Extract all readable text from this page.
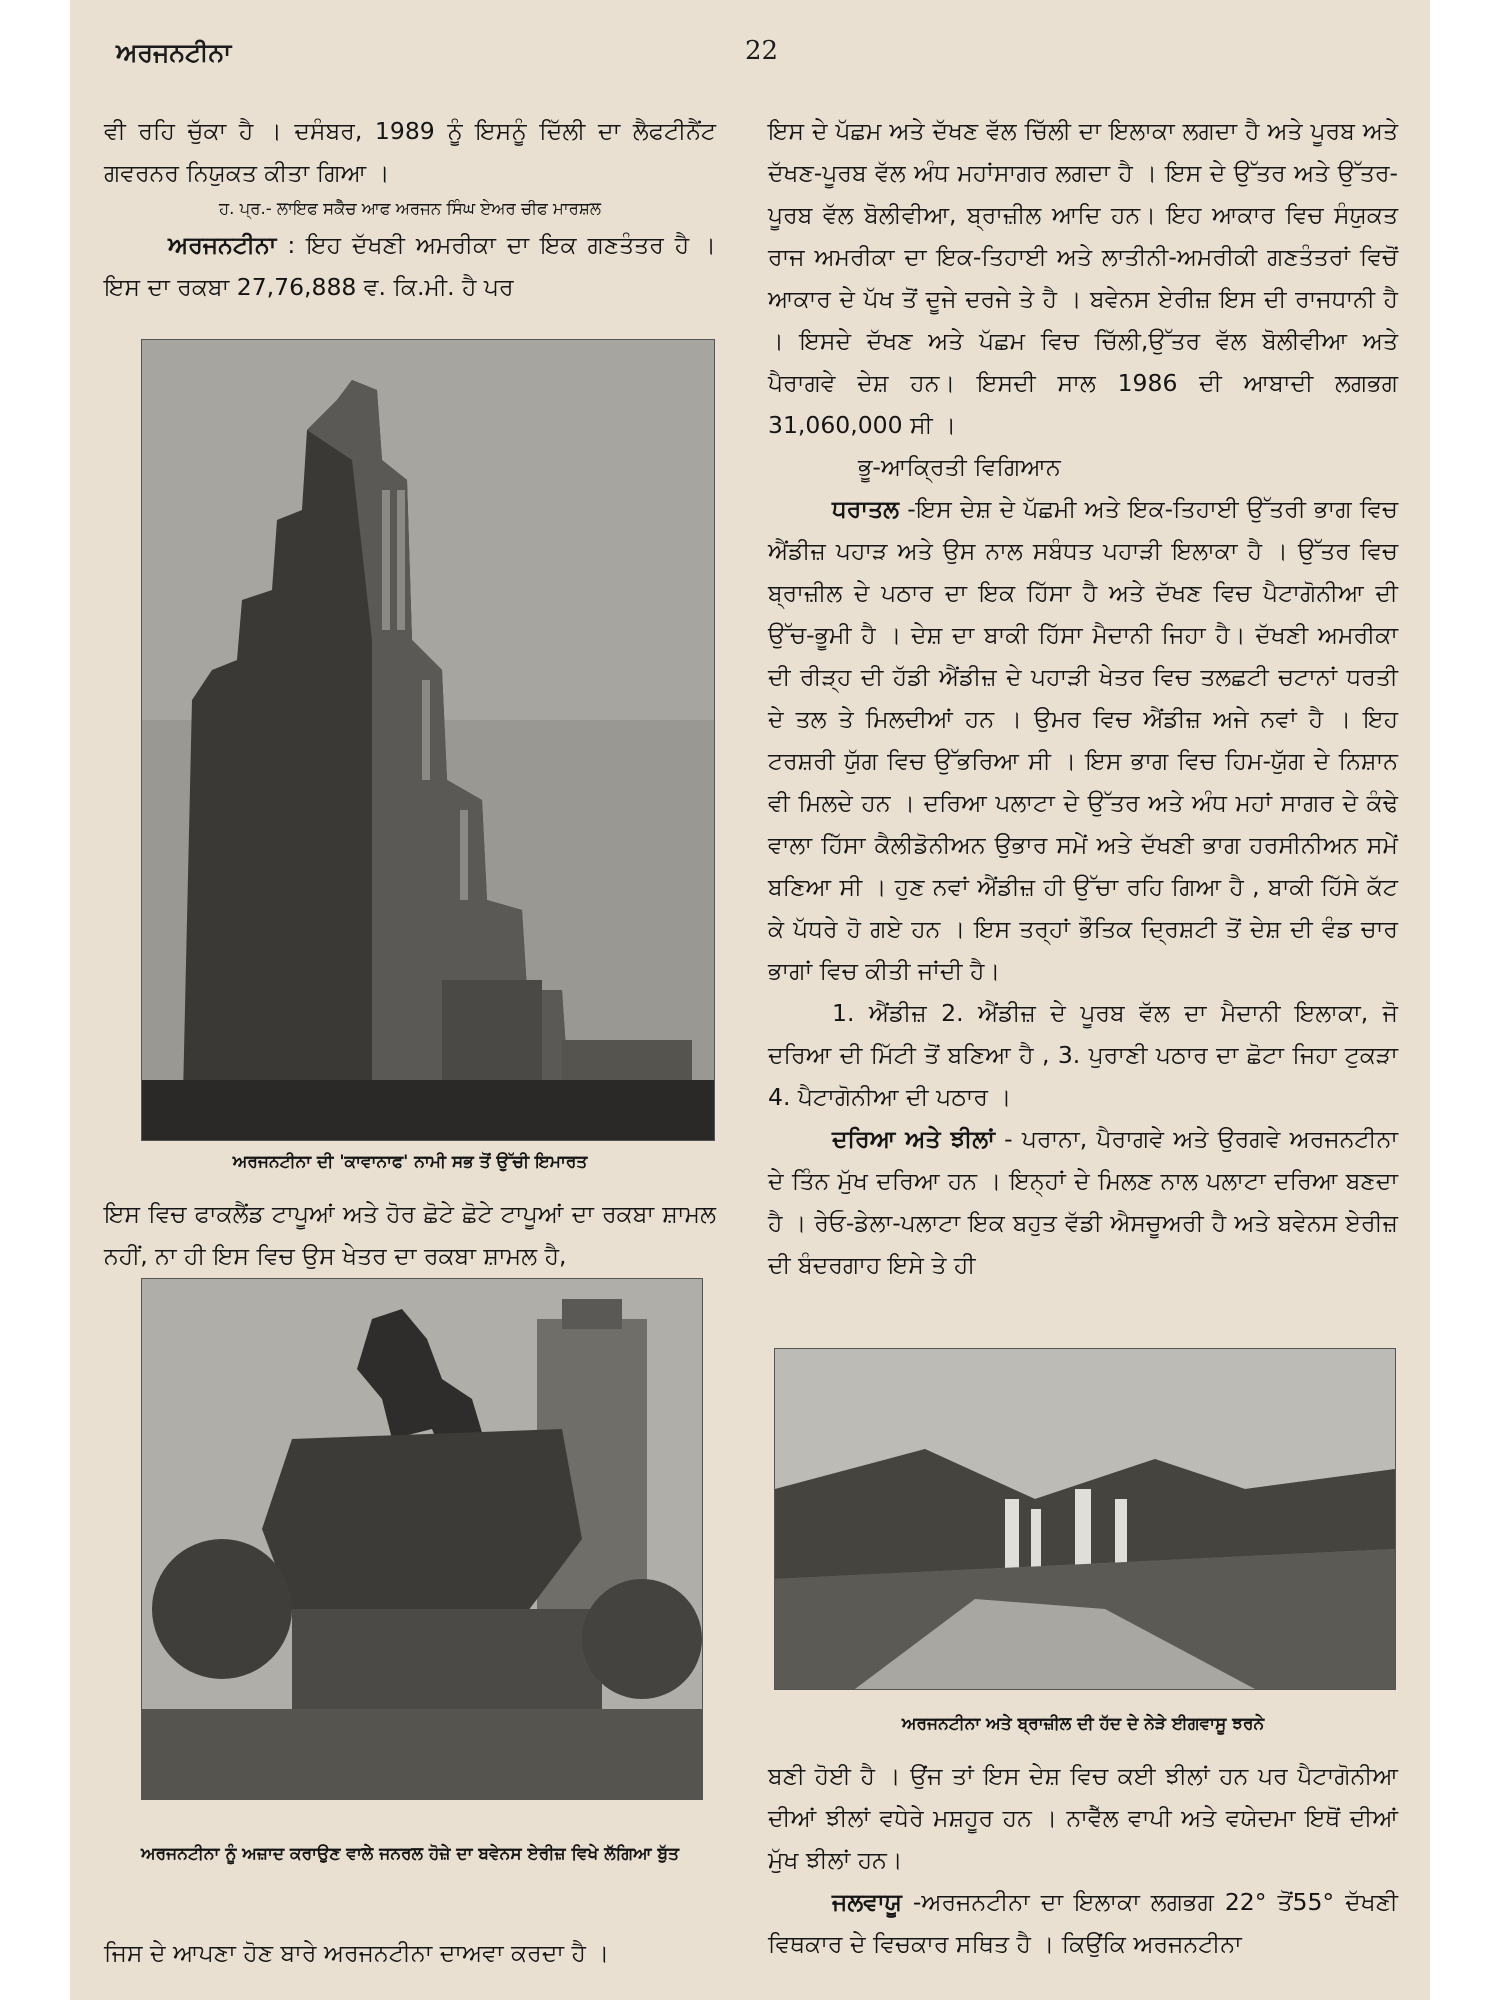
ਅਰਜਨਟੀਨਾ	22

ਵੀ ਰਹਿ ਚੁੱਕਾ ਹੈ । ਦਸੰਬਰ, 1989 ਨੂੰ ਇਸਨੂੰ ਦਿੱਲੀ ਦਾ ਲੈਫਟੀਨੈਂਟ ਗਵਰਨਰ ਨਿਯੁਕਤ ਕੀਤਾ ਗਿਆ ।

ਹ. ਪ੍ਰ.- ਲਾਇਫ ਸਕੈੱਚ ਆਫ ਅਰਜਨ ਸਿੰਘ ਏਅਰ ਚੀਫ ਮਾਰਸ਼ਲ

ਅਰਜਨਟੀਨਾ : ਇਹ ਦੱਖਣੀ ਅਮਰੀਕਾ ਦਾ ਇਕ ਗਣਤੰਤਰ ਹੈ । ਇਸ ਦਾ ਰਕਬਾ 27,76,888 ਵ. ਕਿ.ਮੀ. ਹੈ ਪਰ

ਅਰਜਨਟੀਨਾ ਦੀ 'ਕਾਵਾਨਾਫ' ਨਾਮੀ ਸਭ ਤੋਂ ਉੱਚੀ ਇਮਾਰਤ

ਇਸ ਵਿਚ ਫਾਕਲੈਂਡ ਟਾਪੂਆਂ ਅਤੇ ਹੋਰ ਛੋਟੇ ਛੋਟੇ ਟਾਪੂਆਂ ਦਾ ਰਕਬਾ ਸ਼ਾਮਲ ਨਹੀਂ, ਨਾ ਹੀ ਇਸ ਵਿਚ ਉਸ ਖੇਤਰ ਦਾ ਰਕਬਾ ਸ਼ਾਮਲ ਹੈ,

ਅਰਜਨਟੀਨਾ ਨੂੰ ਅਜ਼ਾਦ ਕਰਾਉਣ ਵਾਲੇ ਜਨਰਲ ਹੋਜ਼ੇ ਦਾ ਬਵੇਨਸ ਏਰੀਜ਼ ਵਿਖੇ ਲੱਗਿਆ ਬੁੱਤ

ਜਿਸ ਦੇ ਆਪਣਾ ਹੋਣ ਬਾਰੇ ਅਰਜਨਟੀਨਾ ਦਾਅਵਾ ਕਰਦਾ ਹੈ ।

ਇਸ ਦੇ ਪੱਛਮ ਅਤੇ ਦੱਖਣ ਵੱਲ ਚਿੱਲੀ ਦਾ ਇਲਾਕਾ ਲਗਦਾ ਹੈ ਅਤੇ ਪੂਰਬ ਅਤੇ ਦੱਖਣ-ਪੂਰਬ ਵੱਲ ਅੰਧ ਮਹਾਂਸਾਗਰ ਲਗਦਾ ਹੈ । ਇਸ ਦੇ ਉੱਤਰ ਅਤੇ ਉੱਤਰ-ਪੂਰਬ ਵੱਲ ਬੋਲੀਵੀਆ, ਬ੍ਰਾਜ਼ੀਲ ਆਦਿ ਹਨ। ਇਹ ਆਕਾਰ ਵਿਚ ਸੰਯੁਕਤ ਰਾਜ ਅਮਰੀਕਾ ਦਾ ਇਕ-ਤਿਹਾਈ ਅਤੇ ਲਾਤੀਨੀ-ਅਮਰੀਕੀ ਗਣਤੰਤਰਾਂ ਵਿਚੋਂ ਆਕਾਰ ਦੇ ਪੱਖ ਤੋਂ ਦੂਜੇ ਦਰਜੇ ਤੇ ਹੈ । ਬਵੇਨਸ ਏਰੀਜ਼ ਇਸ ਦੀ ਰਾਜਧਾਨੀ ਹੈ । ਇਸਦੇ ਦੱਖਣ ਅਤੇ ਪੱਛਮ ਵਿਚ ਚਿੱਲੀ,ਉੱਤਰ ਵੱਲ ਬੋਲੀਵੀਆ ਅਤੇ ਪੈਰਾਗਵੇ ਦੇਸ਼ ਹਨ। ਇਸਦੀ ਸਾਲ 1986 ਦੀ ਆਬਾਦੀ ਲਗਭਗ 31,060,000 ਸੀ ।

ਭੂ-ਆਕ੍ਰਿਤੀ ਵਿਗਿਆਨ

ਧਰਾਤਲ -ਇਸ ਦੇਸ਼ ਦੇ ਪੱਛਮੀ ਅਤੇ ਇਕ-ਤਿਹਾਈ ਉੱਤਰੀ ਭਾਗ ਵਿਚ ਐਂਡੀਜ਼ ਪਹਾੜ ਅਤੇ ਉਸ ਨਾਲ ਸਬੰਧਤ ਪਹਾੜੀ ਇਲਾਕਾ ਹੈ । ਉੱਤਰ ਵਿਚ ਬ੍ਰਾਜ਼ੀਲ ਦੇ ਪਠਾਰ ਦਾ ਇਕ ਹਿੱਸਾ ਹੈ ਅਤੇ ਦੱਖਣ ਵਿਚ ਪੈਟਾਗੋਨੀਆ ਦੀ ਉੱਚ-ਭੂਮੀ ਹੈ । ਦੇਸ਼ ਦਾ ਬਾਕੀ ਹਿੱਸਾ ਮੈਦਾਨੀ ਜਿਹਾ ਹੈ। ਦੱਖਣੀ ਅਮਰੀਕਾ ਦੀ ਰੀੜ੍ਹ ਦੀ ਹੱਡੀ ਐਂਡੀਜ਼ ਦੇ ਪਹਾੜੀ ਖੇਤਰ ਵਿਚ ਤਲਛਟੀ ਚਟਾਨਾਂ ਧਰਤੀ ਦੇ ਤਲ ਤੇ ਮਿਲਦੀਆਂ ਹਨ । ਉਮਰ ਵਿਚ ਐਂਡੀਜ਼ ਅਜੇ ਨਵਾਂ ਹੈ । ਇਹ ਟਰਸ਼ਰੀ ਯੁੱਗ ਵਿਚ ਉੱਭਰਿਆ ਸੀ । ਇਸ ਭਾਗ ਵਿਚ ਹਿਮ-ਯੁੱਗ ਦੇ ਨਿਸ਼ਾਨ ਵੀ ਮਿਲਦੇ ਹਨ । ਦਰਿਆ ਪਲਾਟਾ ਦੇ ਉੱਤਰ ਅਤੇ ਅੰਧ ਮਹਾਂ ਸਾਗਰ ਦੇ ਕੰਢੇ ਵਾਲਾ ਹਿੱਸਾ ਕੈਲੀਡੋਨੀਅਨ ਉਭਾਰ ਸਮੇਂ ਅਤੇ ਦੱਖਣੀ ਭਾਗ ਹਰਸੀਨੀਅਨ ਸਮੇਂ ਬਣਿਆ ਸੀ । ਹੁਣ ਨਵਾਂ ਐਂਡੀਜ਼ ਹੀ ਉੱਚਾ ਰਹਿ ਗਿਆ ਹੈ , ਬਾਕੀ ਹਿੱਸੇ ਕੱਟ ਕੇ ਪੱਧਰੇ ਹੋ ਗਏ ਹਨ । ਇਸ ਤਰ੍ਹਾਂ ਭੌਤਿਕ ਦ੍ਰਿਸ਼ਟੀ ਤੋਂ ਦੇਸ਼ ਦੀ ਵੰਡ ਚਾਰ ਭਾਗਾਂ ਵਿਚ ਕੀਤੀ ਜਾਂਦੀ ਹੈ।

1. ਐਂਡੀਜ਼ 2. ਐਂਡੀਜ਼ ਦੇ ਪੂਰਬ ਵੱਲ ਦਾ ਮੈਦਾਨੀ ਇਲਾਕਾ, ਜੋ ਦਰਿਆ ਦੀ ਮਿੱਟੀ ਤੋਂ ਬਣਿਆ ਹੈ , 3. ਪੁਰਾਣੀ ਪਠਾਰ ਦਾ ਛੋਟਾ ਜਿਹਾ ਟੁਕੜਾ 4. ਪੈਟਾਗੋਨੀਆ ਦੀ ਪਠਾਰ ।

ਦਰਿਆ ਅਤੇ ਝੀਲਾਂ - ਪਰਾਨਾ, ਪੈਰਾਗਵੇ ਅਤੇ ਉਰਗਵੇ ਅਰਜਨਟੀਨਾ ਦੇ ਤਿੰਨ ਮੁੱਖ ਦਰਿਆ ਹਨ । ਇਨ੍ਹਾਂ ਦੇ ਮਿਲਣ ਨਾਲ ਪਲਾਟਾ ਦਰਿਆ ਬਣਦਾ ਹੈ । ਰੇਓ-ਡੇਲਾ-ਪਲਾਟਾ ਇਕ ਬਹੁਤ ਵੱਡੀ ਐਸਚੂਅਰੀ ਹੈ ਅਤੇ ਬਵੇਨਸ ਏਰੀਜ਼ ਦੀ ਬੰਦਰਗਾਹ ਇਸੇ ਤੇ ਹੀ

ਅਰਜਨਟੀਨਾ ਅਤੇ ਬ੍ਰਾਜ਼ੀਲ ਦੀ ਹੱਦ ਦੇ ਨੇੜੇ ਈਗਵਾਸੂ ਝਰਨੇ

ਬਣੀ ਹੋਈ ਹੈ । ਉਂਜ ਤਾਂ ਇਸ ਦੇਸ਼ ਵਿਚ ਕਈ ਝੀਲਾਂ ਹਨ ਪਰ ਪੈਟਾਗੋਨੀਆ ਦੀਆਂ ਝੀਲਾਂ ਵਧੇਰੇ ਮਸ਼ਹੂਰ ਹਨ । ਨਾਵੈੱਲ ਵਾਪੀ ਅਤੇ ਵਯੇਦਮਾ ਇਥੋਂ ਦੀਆਂ ਮੁੱਖ ਝੀਲਾਂ ਹਨ।

ਜਲਵਾਯੂ -ਅਰਜਨਟੀਨਾ ਦਾ ਇਲਾਕਾ ਲਗਭਗ 22° ਤੋਂ55° ਦੱਖਣੀ ਵਿਥਕਾਰ ਦੇ ਵਿਚਕਾਰ ਸਥਿਤ ਹੈ । ਕਿਉਂਕਿ ਅਰਜਨਟੀਨਾ
